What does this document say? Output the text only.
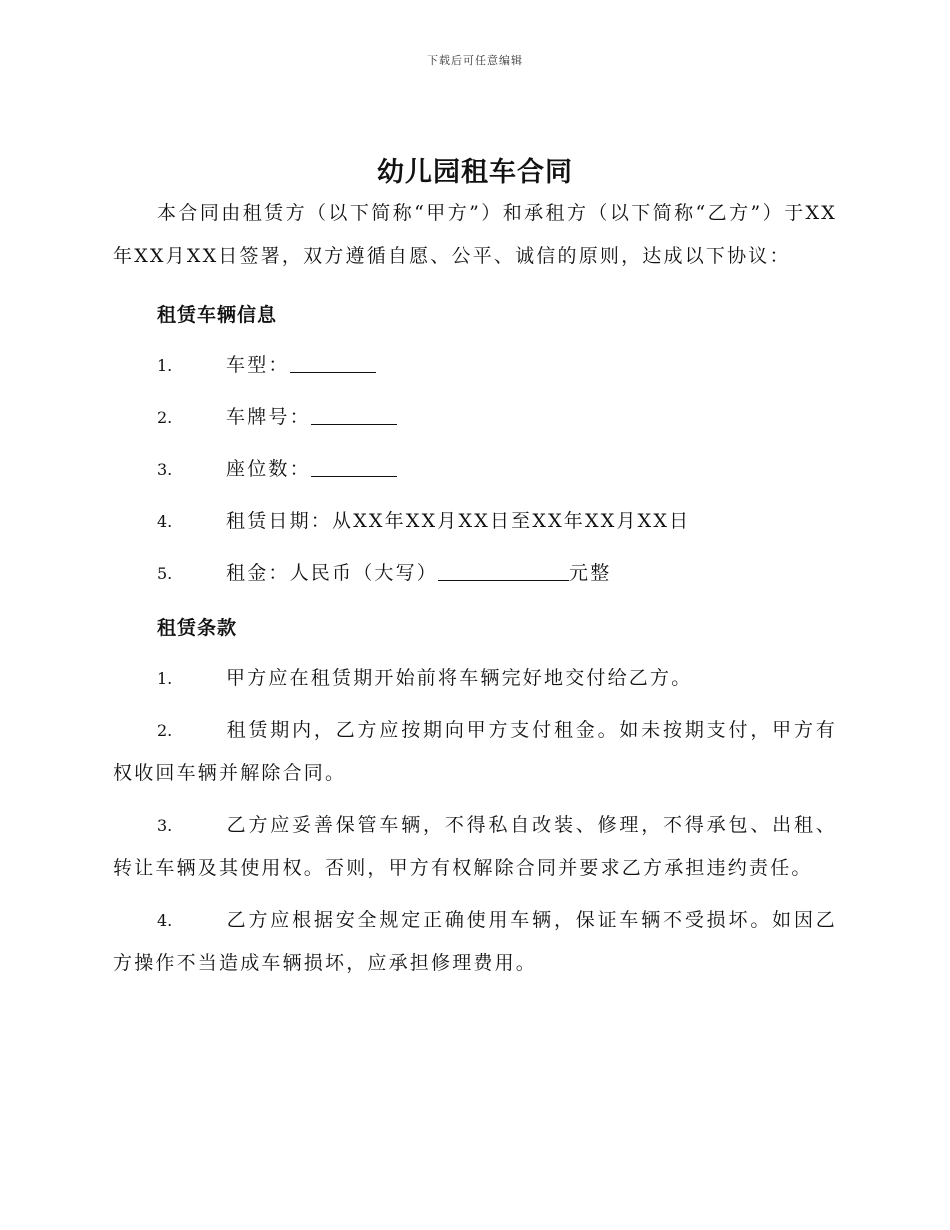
下载后可任意编辑
幼儿园租车合同

本合同由租赁方（以下简称“甲方”）和承租方（以下简称“乙方”）于XX年XX月XX日签署，双方遵循自愿、公平、诚信的原则，达成以下协议：

租赁车辆信息

1.	车型：

2.	车牌号：

3.	座位数：

4.	租赁日期：从XX年XX月XX日至XX年XX月XX日

5.	租金：人民币（大写）	元整

租赁条款

1.	甲方应在租赁期开始前将车辆完好地交付给乙方。

2.	租赁期内，乙方应按期向甲方支付租金。如未按期支付，甲方有权收回车辆并解除合同。

3.	乙方应妥善保管车辆，不得私自改装、修理，不得承包、出租、转让车辆及其使用权。否则，甲方有权解除合同并要求乙方承担违约责任。

4.	乙方应根据安全规定正确使用车辆，保证车辆不受损坏。如因乙方操作不当造成车辆损坏，应承担修理费用。
